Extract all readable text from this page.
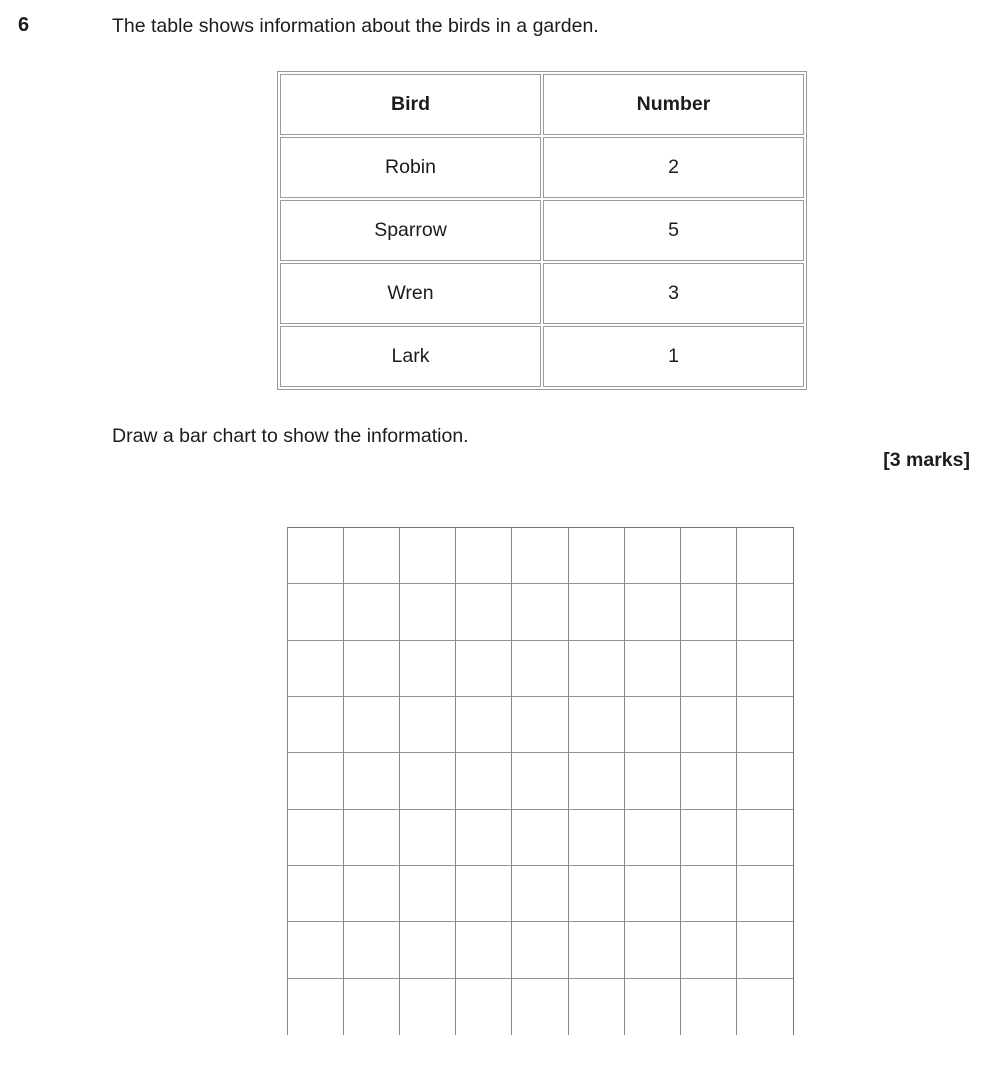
6	The table shows information about the birds in a garden.
Bird	Number
Robin	2
Sparrow	5
Wren	3
Lark	1
Draw a bar chart to show the information.
[3 marks]
